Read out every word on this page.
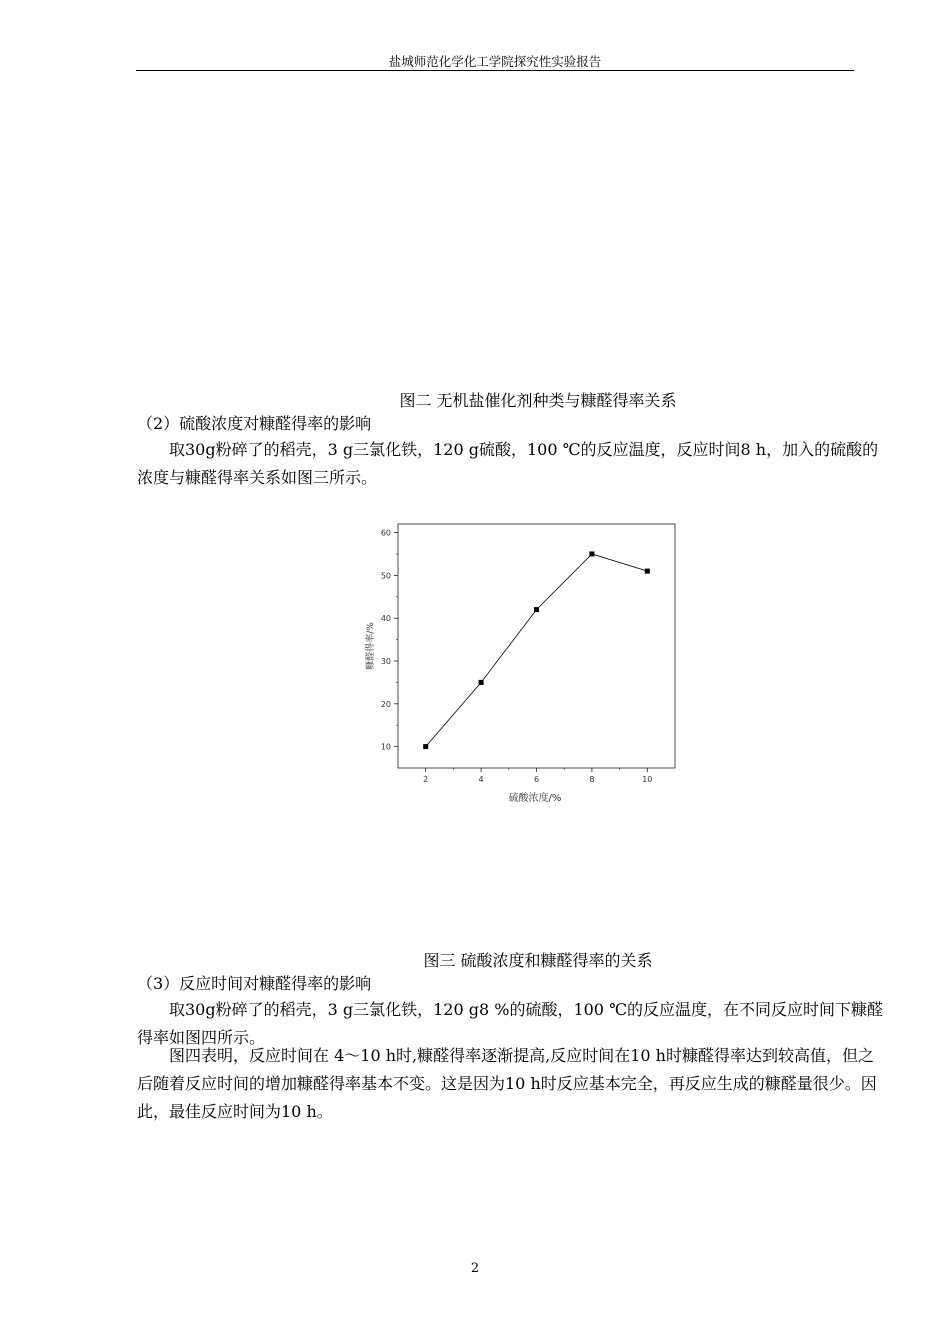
盐城师范化学化工学院探究性实验报告
图二 无机盐催化剂种类与糠醛得率关系

（2）硫酸浓度对糠醛得率的影响

取30g粉碎了的稻壳，3 g三氯化铁，120 g硫酸，100 ℃的反应温度，反应时间8 h，加入的硫酸的浓度与糠醛得率关系如图三所示。

10
20
30
40
50
60
2	4	6	8	10
硫酸浓度/%
糠醛得率/%
图三 硫酸浓度和糠醛得率的关系

（3）反应时间对糠醛得率的影响

取30g粉碎了的稻壳，3 g三氯化铁，120 g8 %的硫酸，100 ℃的反应温度，在不同反应时间下糠醛得率如图四所示。

图四表明，反应时间在 4～10 h时,糠醛得率逐渐提高,反应时间在10 h时糠醛得率达到较高值，但之后随着反应时间的增加糠醛得率基本不变。这是因为10 h时反应基本完全，再反应生成的糠醛量很少。因此，最佳反应时间为10 h。

2
